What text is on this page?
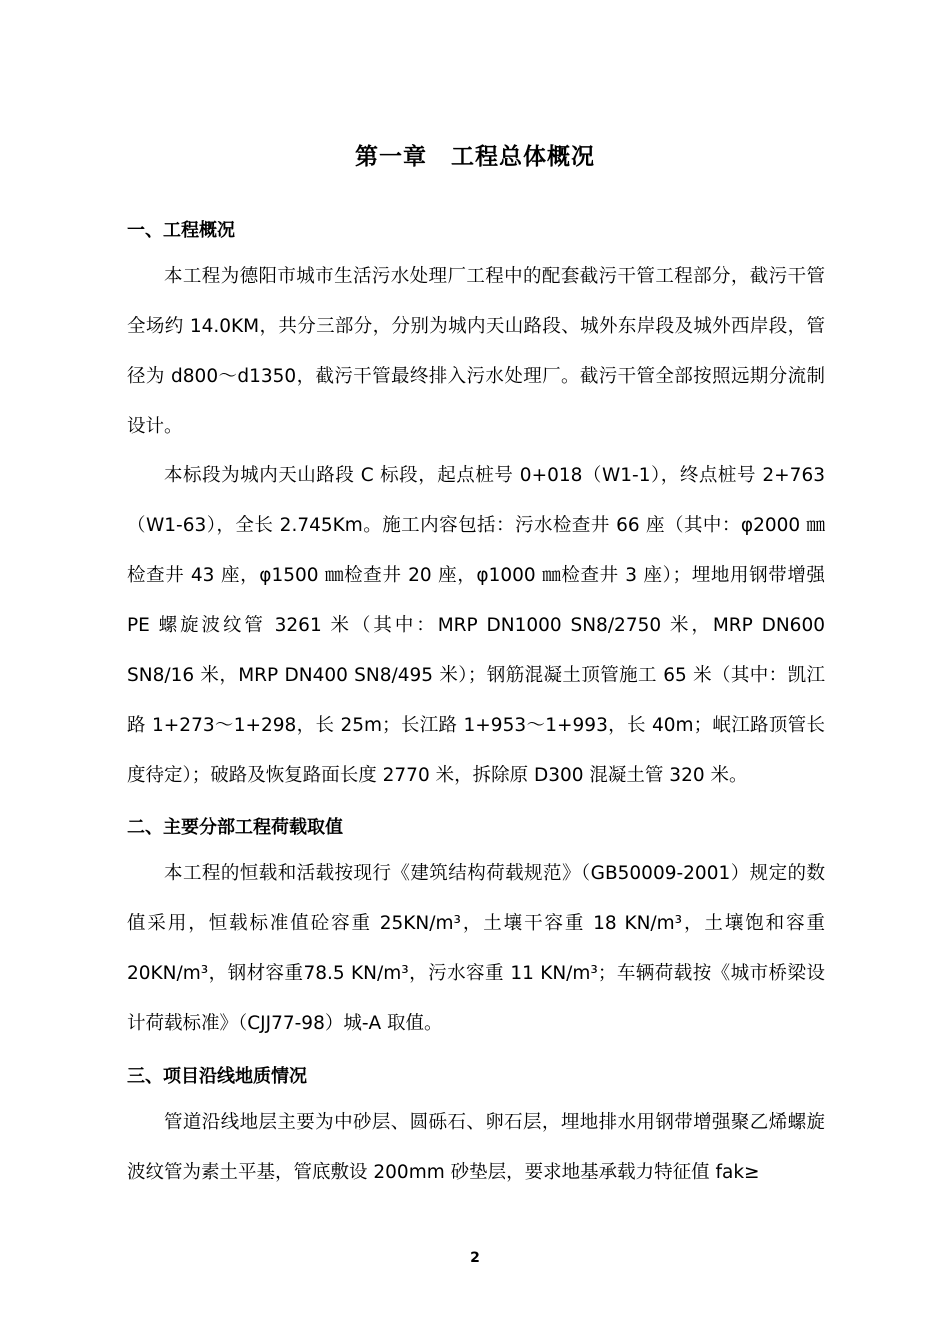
第一章　工程总体概况
一、工程概况
本工程为德阳市城市生活污水处理厂工程中的配套截污干管工程部分，截污干管全场约 14.0KM，共分三部分，分别为城内天山路段、城外东岸段及城外西岸段，管径为 d800～d1350，截污干管最终排入污水处理厂。截污干管全部按照远期分流制设计。
本标段为城内天山路段 C 标段，起点桩号 0+018（W1-1），终点桩号 2+763（W1-63），全长 2.745Km。施工内容包括：污水检查井 66 座（其中：φ2000 ㎜检查井 43 座，φ1500 ㎜检查井 20 座，φ1000 ㎜检查井 3 座）；埋地用钢带增强 PE 螺旋波纹管 3261 米（其中：MRP DN1000 SN8/2750 米，MRP DN600 SN8/16 米，MRP DN400 SN8/495 米）；钢筋混凝土顶管施工 65 米（其中：凯江路 1+273～1+298，长 25m；长江路 1+953～1+993，长 40m；岷江路顶管长度待定）；破路及恢复路面长度 2770 米，拆除原 D300 混凝土管 320 米。
二、主要分部工程荷载取值
本工程的恒载和活载按现行《建筑结构荷载规范》（GB50009-2001）规定的数值采用，恒载标准值砼容重 25KN/m³，土壤干容重 18 KN/m³，土壤饱和容重 20KN/m³，钢材容重78.5 KN/m³，污水容重 11 KN/m³；车辆荷载按《城市桥梁设计荷载标准》（CJJ77-98）城-A 取值。
三、项目沿线地质情况
管道沿线地层主要为中砂层、圆砾石、卵石层，埋地排水用钢带增强聚乙烯螺旋波纹管为素土平基，管底敷设 200mm 砂垫层，要求地基承载力特征值 fak≥
2
